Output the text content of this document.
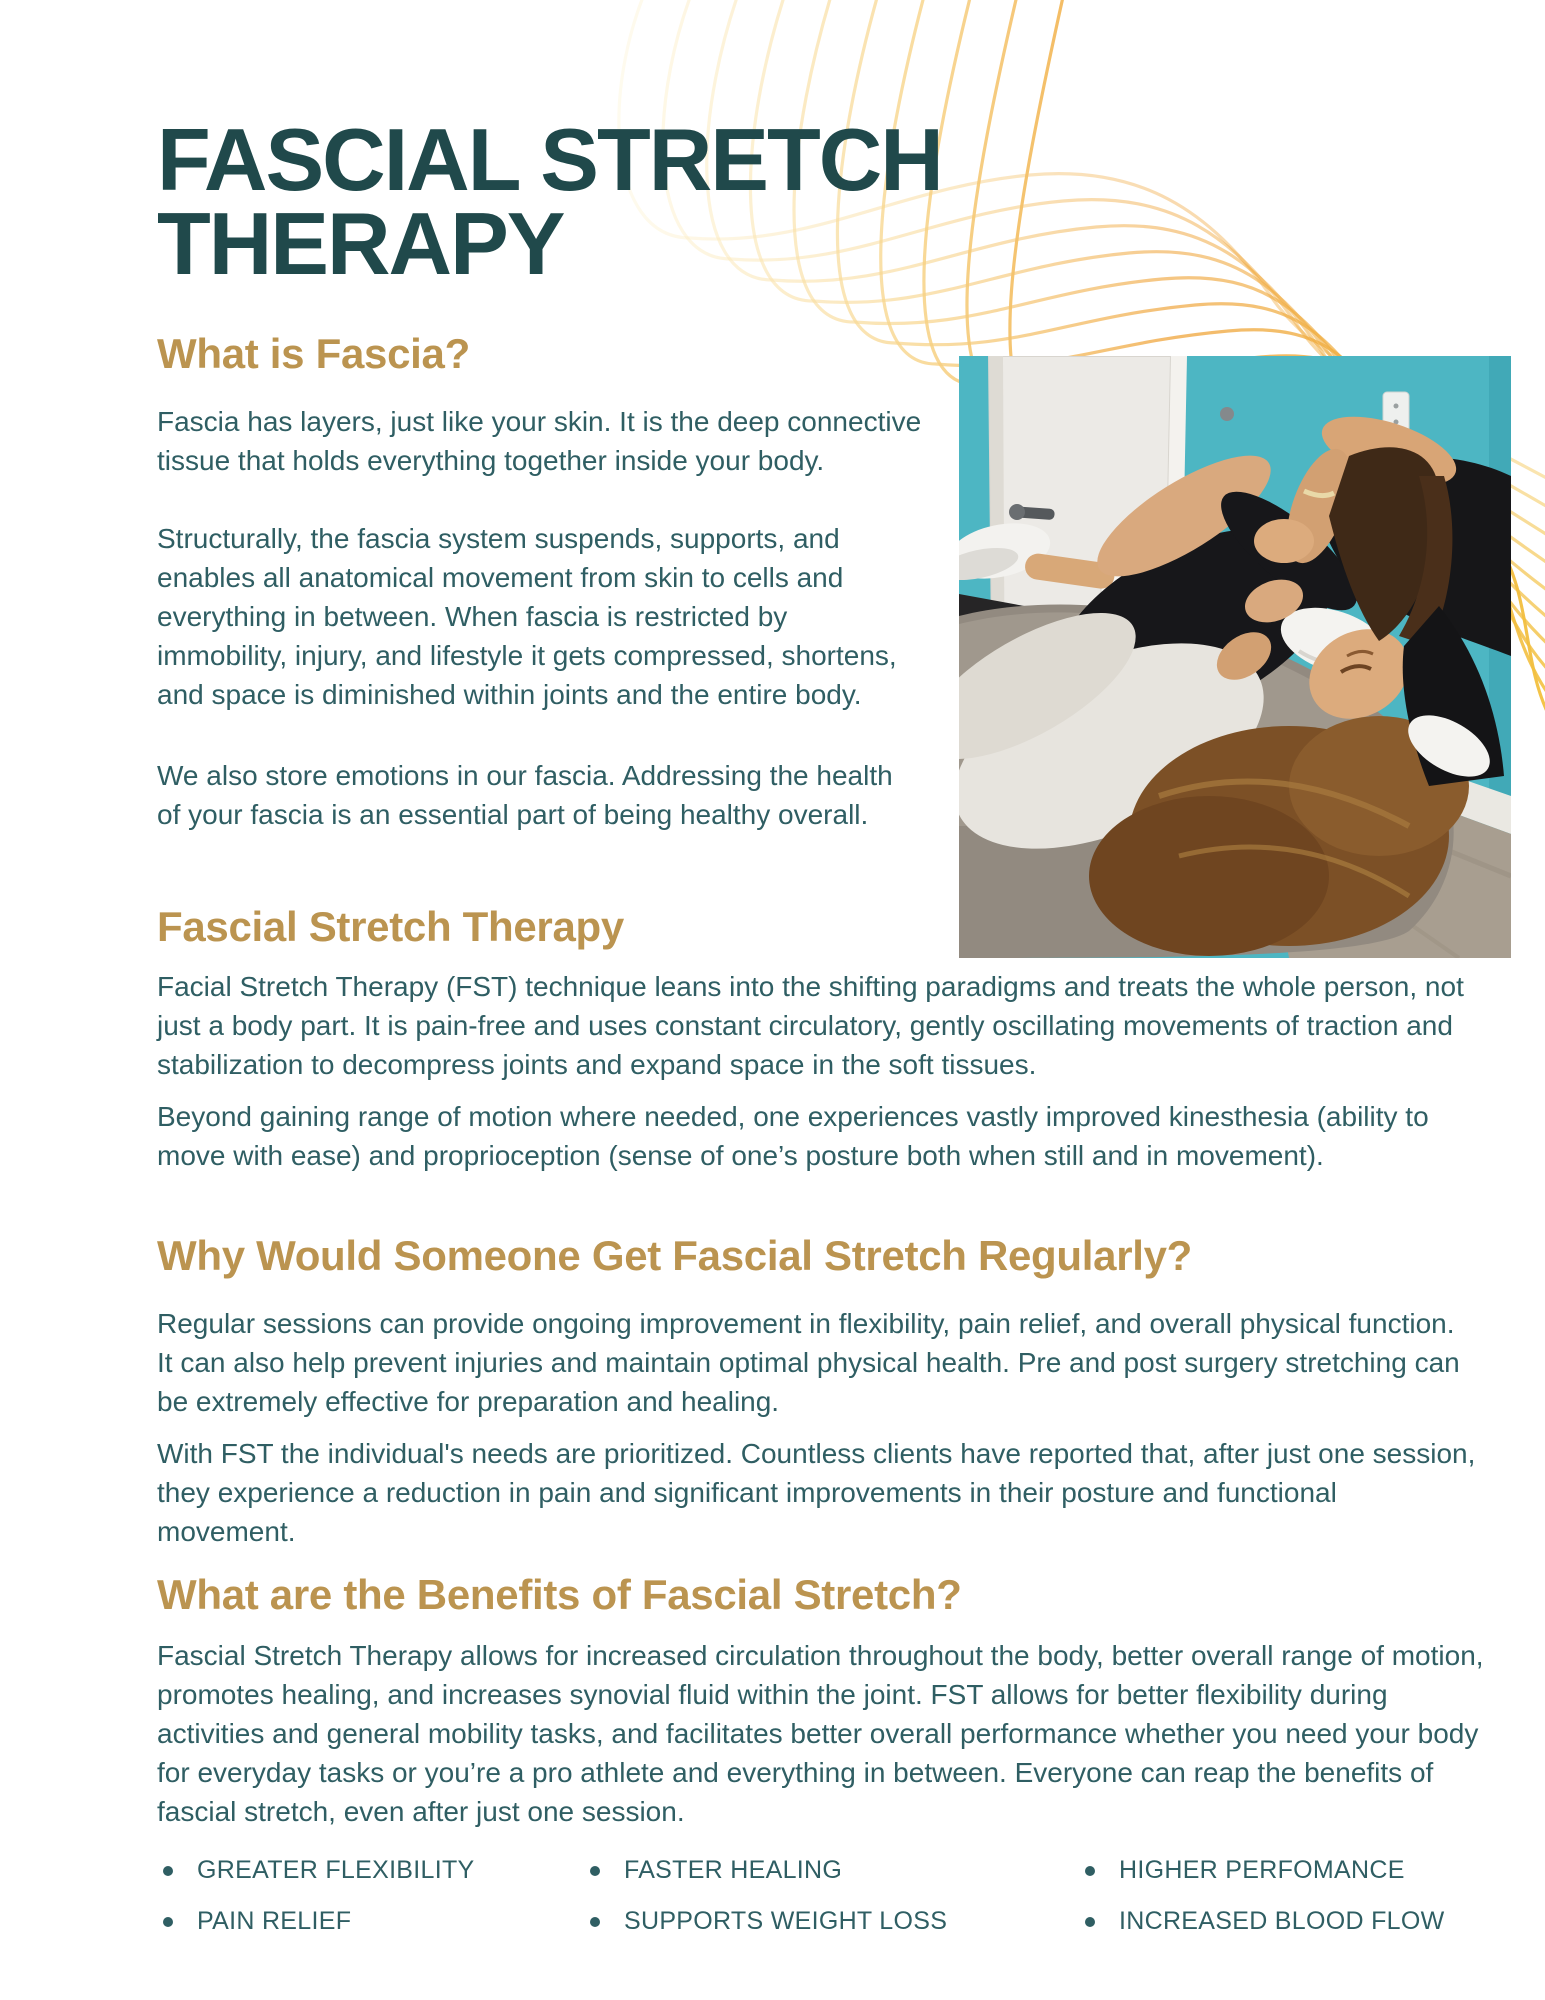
FASCIAL STRETCH
THERAPY
What is Fascia?

Fascia has layers, just like your skin. It is the deep connective tissue that holds everything together inside your body.

Structurally, the fascia system suspends, supports, and enables all anatomical movement from skin to cells and everything in between. When fascia is restricted by immobility, injury, and lifestyle it gets compressed, shortens, and space is diminished within joints and the entire body.

We also store emotions in our fascia. Addressing the health of your fascia is an essential part of being healthy overall.

Fascial Stretch Therapy

Facial Stretch Therapy (FST) technique leans into the shifting paradigms and treats the whole person, not just a body part. It is pain-free and uses constant circulatory, gently oscillating movements of traction and stabilization to decompress joints and expand space in the soft tissues.

Beyond gaining range of motion where needed, one experiences vastly improved kinesthesia (ability to move with ease) and proprioception (sense of one’s posture both when still and in movement).

Why Would Someone Get Fascial Stretch Regularly?

Regular sessions can provide ongoing improvement in flexibility, pain relief, and overall physical function. It can also help prevent injuries and maintain optimal physical health. Pre and post surgery stretching can be extremely effective for preparation and healing.

With FST the individual's needs are prioritized. Countless clients have reported that, after just one session, they experience a reduction in pain and significant improvements in their posture and functional movement.

What are the Benefits of Fascial Stretch?

Fascial Stretch Therapy allows for increased circulation throughout the body, better overall range of motion, promotes healing, and increases synovial fluid within the joint. FST allows for better flexibility during activities and general mobility tasks, and facilitates better overall performance whether you need your body for everyday tasks or you’re a pro athlete and everything in between. Everyone can reap the benefits of fascial stretch, even after just one session.

GREATER FLEXIBILITY
PAIN RELIEF
FASTER HEALING
SUPPORTS WEIGHT LOSS
HIGHER PERFOMANCE
INCREASED BLOOD FLOW
